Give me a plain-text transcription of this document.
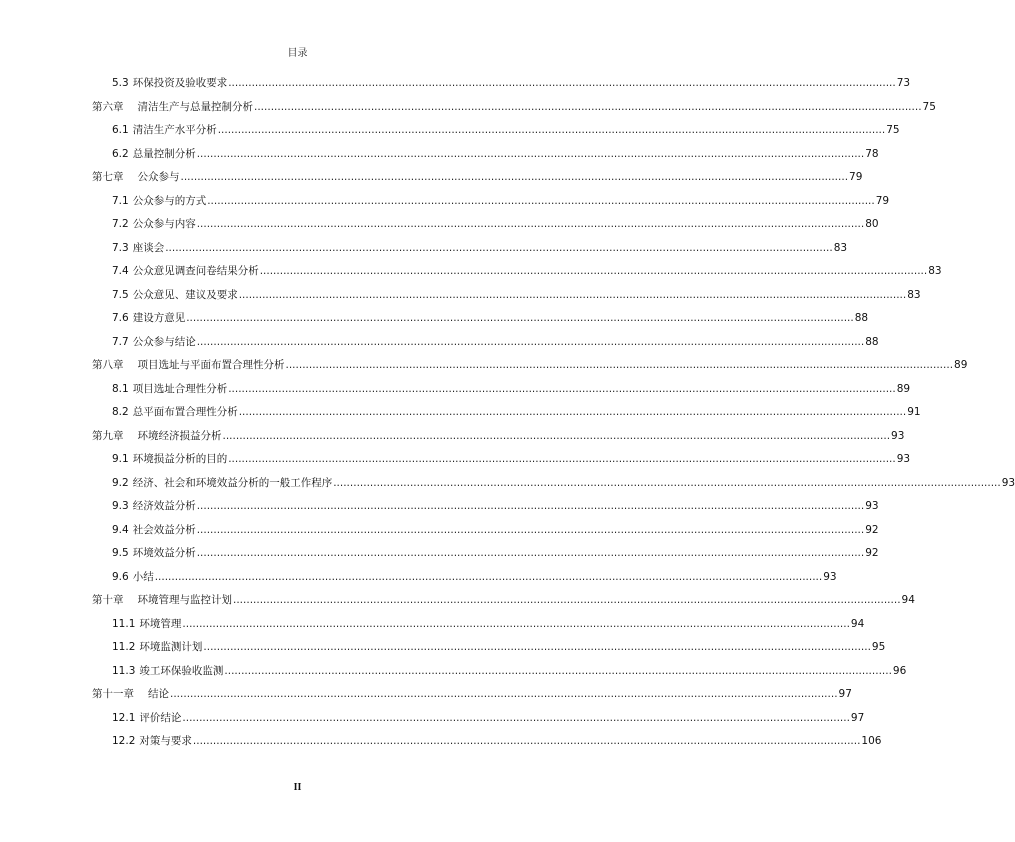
目录
5.3 环保投资及验收要求 ........................................................................................................................................................................................................ 73
第六章 清洁生产与总量控制分析 ........................................................................................................................................................................................................ 75
6.1 清洁生产水平分析 ........................................................................................................................................................................................................ 75
6.2 总量控制分析 ........................................................................................................................................................................................................ 78
第七章 公众参与 ........................................................................................................................................................................................................ 79
7.1 公众参与的方式 ........................................................................................................................................................................................................ 79
7.2 公众参与内容 ........................................................................................................................................................................................................ 80
7.3 座谈会 ........................................................................................................................................................................................................ 83
7.4 公众意见调查问卷结果分析 ........................................................................................................................................................................................................ 83
7.5 公众意见、建议及要求 ........................................................................................................................................................................................................ 83
7.6 建设方意见 ........................................................................................................................................................................................................ 88
7.7 公众参与结论 ........................................................................................................................................................................................................ 88
第八章 项目选址与平面布置合理性分析 ........................................................................................................................................................................................................ 89
8.1 项目选址合理性分析 ........................................................................................................................................................................................................ 89
8.2 总平面布置合理性分析 ........................................................................................................................................................................................................ 91
第九章 环境经济损益分析 ........................................................................................................................................................................................................ 93
9.1 环境损益分析的目的 ........................................................................................................................................................................................................ 93
9.2 经济、社会和环境效益分析的一般工作程序 ........................................................................................................................................................................................................ 93
9.3 经济效益分析 ........................................................................................................................................................................................................ 93
9.4 社会效益分析 ........................................................................................................................................................................................................ 92
9.5 环境效益分析 ........................................................................................................................................................................................................ 92
9.6 小结 ........................................................................................................................................................................................................ 93
第十章 环境管理与监控计划 ........................................................................................................................................................................................................ 94
11.1 环境管理 ........................................................................................................................................................................................................ 94
11.2 环境监测计划 ........................................................................................................................................................................................................ 95
11.3 竣工环保验收监测 ........................................................................................................................................................................................................ 96
第十一章 结论 ........................................................................................................................................................................................................ 97
12.1 评价结论 ........................................................................................................................................................................................................ 97
12.2 对策与要求 ........................................................................................................................................................................................................ 106
II
